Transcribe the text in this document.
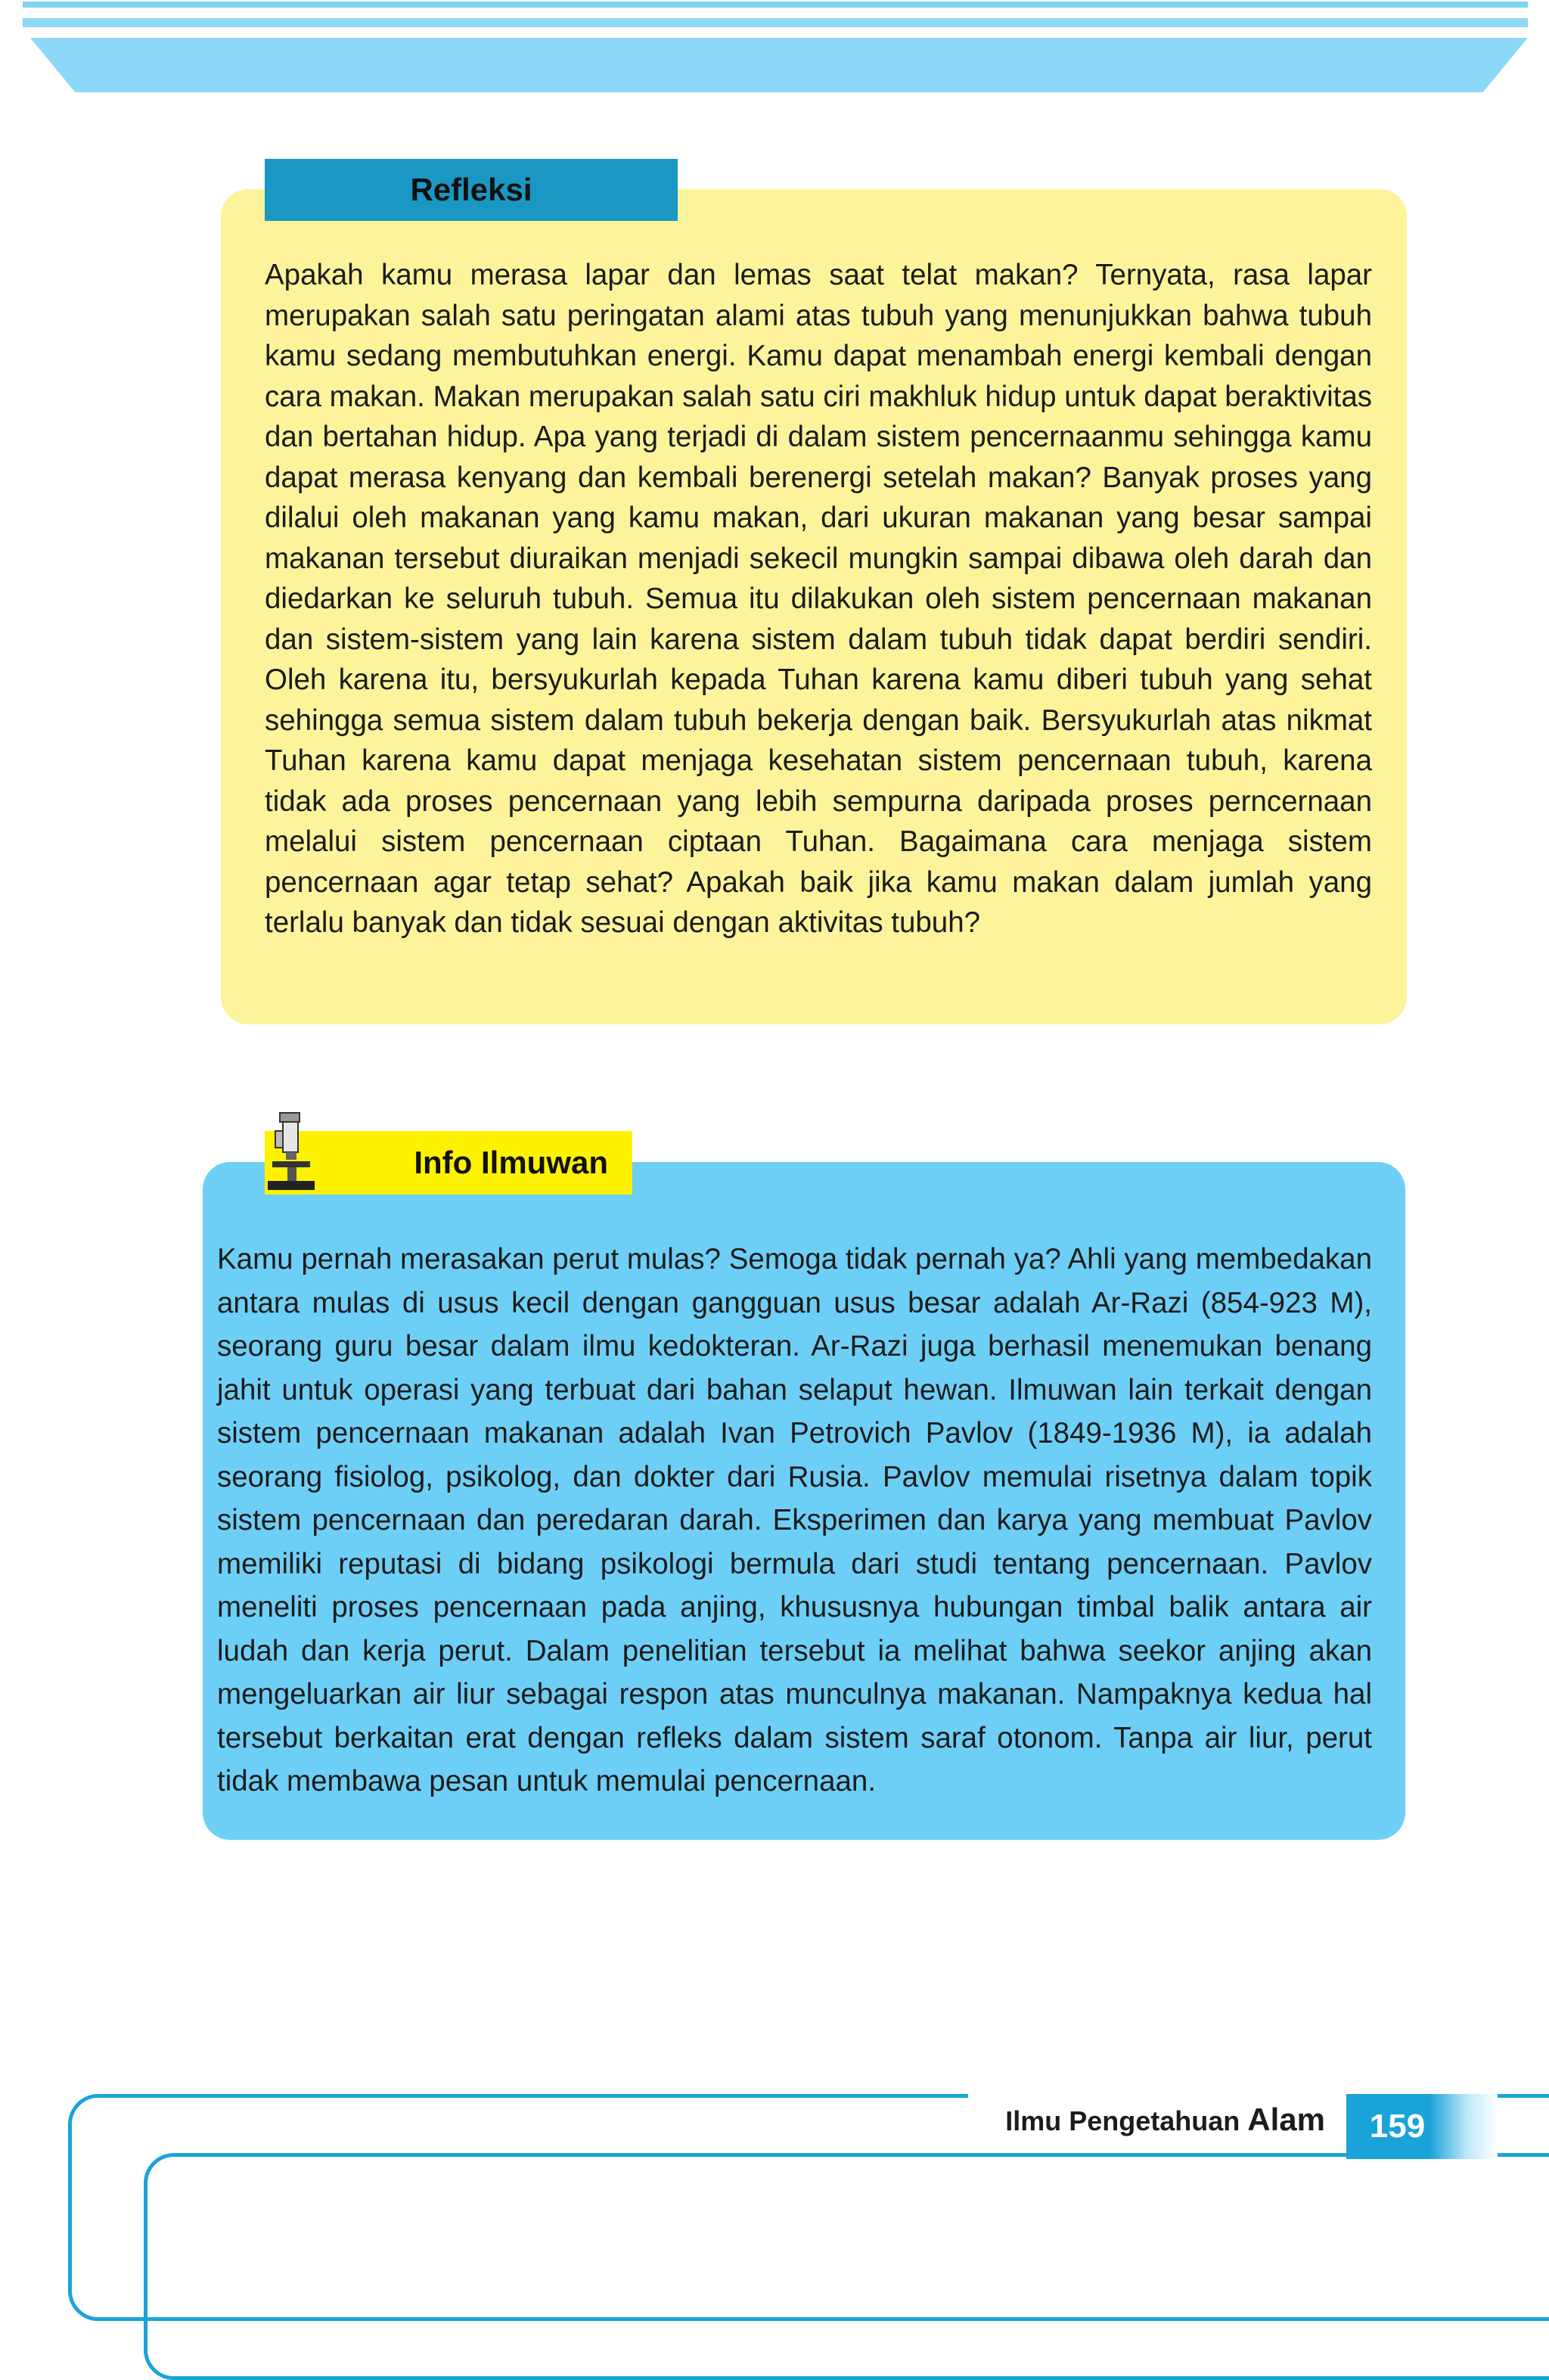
Refleksi

Apakah kamu merasa lapar dan lemas saat telat makan? Ternyata, rasa lapar merupakan salah satu peringatan alami atas tubuh yang menunjukkan bahwa tubuh kamu sedang membutuhkan energi. Kamu dapat menambah energi kembali dengan cara makan. Makan merupakan salah satu ciri makhluk hidup untuk dapat beraktivitas dan bertahan hidup. Apa yang terjadi di dalam sistem pencernaanmu sehingga kamu dapat merasa kenyang dan kembali berenergi setelah makan? Banyak proses yang dilalui oleh makanan yang kamu makan, dari ukuran makanan yang besar sampai makanan tersebut diuraikan menjadi sekecil mungkin sampai dibawa oleh darah dan diedarkan ke seluruh tubuh. Semua itu dilakukan oleh sistem pencernaan makanan dan sistem-sistem yang lain karena sistem dalam tubuh tidak dapat berdiri sendiri. Oleh karena itu, bersyukurlah kepada Tuhan karena kamu diberi tubuh yang sehat sehingga semua sistem dalam tubuh bekerja dengan baik. Bersyukurlah atas nikmat Tuhan karena kamu dapat menjaga kesehatan sistem pencernaan tubuh, karena tidak ada proses pencernaan yang lebih sempurna daripada proses perncernaan melalui sistem pencernaan ciptaan Tuhan. Bagaimana cara menjaga sistem pencernaan agar tetap sehat? Apakah baik jika kamu makan dalam jumlah yang terlalu banyak dan tidak sesuai dengan aktivitas tubuh?

Info Ilmuwan

Kamu pernah merasakan perut mulas? Semoga tidak pernah ya? Ahli yang membedakan antara mulas di usus kecil dengan gangguan usus besar adalah Ar-Razi (854-923 M), seorang guru besar dalam ilmu kedokteran. Ar-Razi juga berhasil menemukan benang jahit untuk operasi yang terbuat dari bahan selaput hewan. Ilmuwan lain terkait dengan sistem pencernaan makanan adalah Ivan Petrovich Pavlov (1849-1936 M), ia adalah seorang fisiolog, psikolog, dan dokter dari Rusia. Pavlov memulai risetnya dalam topik sistem pencernaan dan peredaran darah. Eksperimen dan karya yang membuat Pavlov memiliki reputasi di bidang psikologi bermula dari studi tentang pencernaan. Pavlov meneliti proses pencernaan pada anjing, khususnya hubungan timbal balik antara air ludah dan kerja perut. Dalam penelitian tersebut ia melihat bahwa seekor anjing akan mengeluarkan air liur sebagai respon atas munculnya makanan. Nampaknya kedua hal tersebut berkaitan erat dengan refleks dalam sistem saraf otonom. Tanpa air liur, perut tidak membawa pesan untuk memulai pencernaan.

Ilmu Pengetahuan Alam	159
